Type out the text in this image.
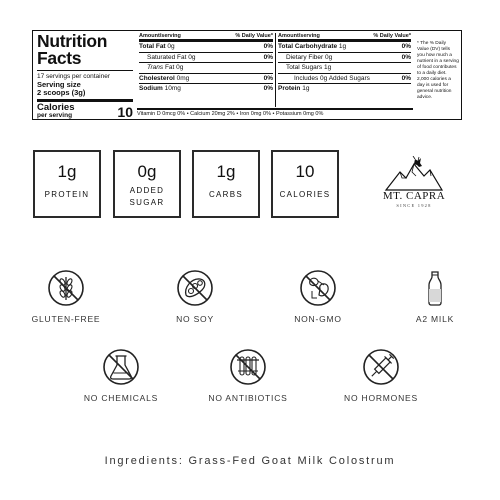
Nutrition
Facts
17 servings per container
Serving size
2 scoops (3g)
Calories
per serving	10
Amount/serving	% Daily Value*
Total Fat 0g	0%
Saturated Fat 0g	0%
Trans Fat 0g
Cholesterol 0mg	0%
Sodium 10mg	0%
Amount/serving	% Daily Value*
Total Carbohydrate 1g	0%
Dietary Fiber 0g	0%
Total Sugars 1g
Includes 0g Added Sugars	0%
Protein 1g
Vitamin D 0mcg 0% • Calcium 20mg 2% • Iron 0mg 0% • Potassium 0mg 0%
* The % Daily Value (DV) tells you how much a nutrient in a serving of food contributes to a daily diet. 2,000 calories a day is used for general nutrition advice.
1g
PROTEIN
0g
ADDED
SUGAR
1g
CARBS
10
CALORIES	MT. CAPRA
SINCE 1928
GLUTEN-FREE	NO SOY	NON-GMO	A2 MILK
NO CHEMICALS	NO ANTIBIOTICS	NO HORMONES
Ingredients: Grass-Fed Goat Milk Colostrum
